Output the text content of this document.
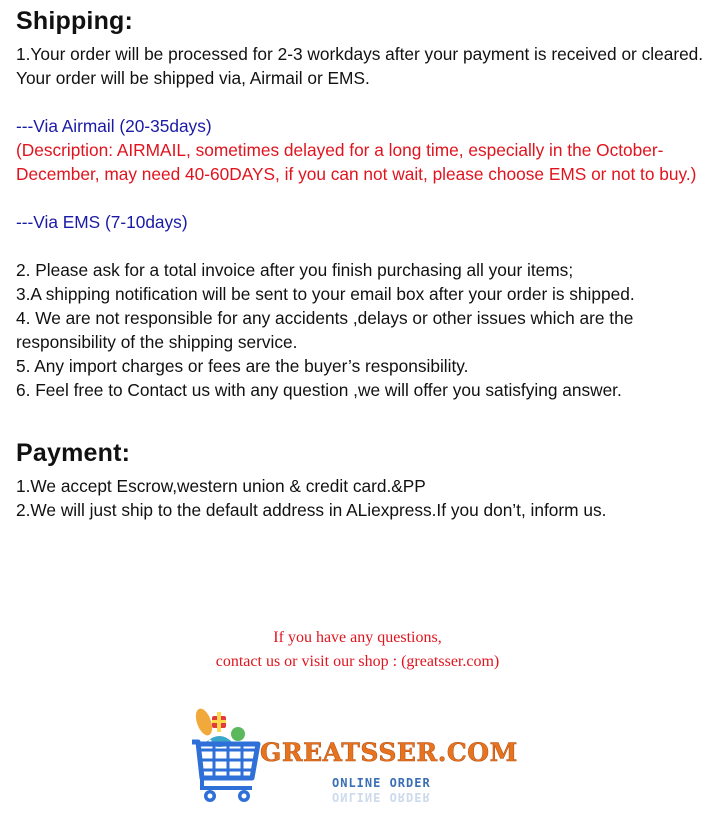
Shipping:

1.Your order will be processed for 2-3 workdays after your payment is received or cleared.

Your order will be shipped via, Airmail or EMS.

---Via Airmail (20-35days)

(Description: AIRMAIL, sometimes delayed for a long time, especially in the October-December, may need 40-60DAYS, if you can not wait, please choose EMS or not to buy.)

---Via EMS (7-10days)

2. Please ask for a total invoice after you finish purchasing all your items;

3.A shipping notification will be sent to your email box after your order is shipped.

4. We are not responsible for any accidents ,delays or other issues which are the responsibility of the shipping service.

5. Any import charges or fees are the buyer’s responsibility.

6. Feel free to Contact us with any question ,we will offer you satisfying answer.

Payment:

1.We accept Escrow,western union & credit card.&PP

2.We will just ship to the default address in ALiexpress.If you don’t, inform us.

If you have any questions,
contact us or visit our shop : (greatsser.com)
GREATSSER.COM
ONLINE ORDER
ONLINE ORDER
